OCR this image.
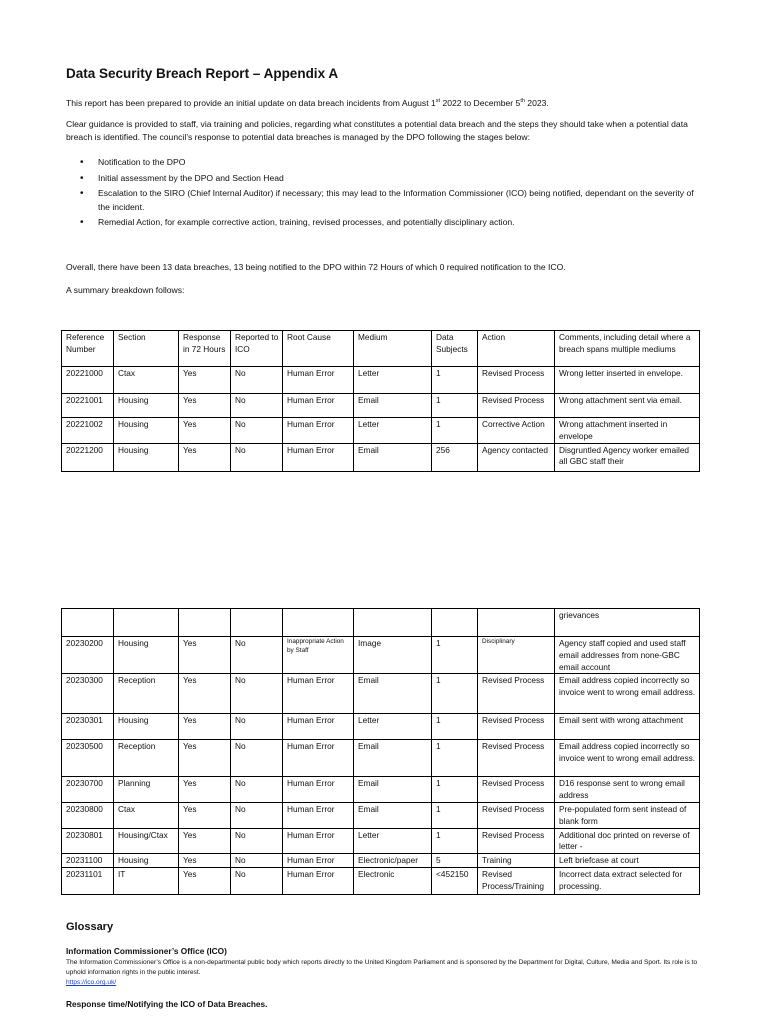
Data Security Breach Report – Appendix A

This report has been prepared to provide an initial update on data breach incidents from August 1st 2022 to December 5th 2023.

Clear guidance is provided to staff, via training and policies, regarding what constitutes a potential data breach and the steps they should take when a potential data breach is identified. The council’s response to potential data breaches is managed by the DPO following the stages below:

• Notification to the DPO
• Initial assessment by the DPO and Section Head
• Escalation to the SIRO (Chief Internal Auditor) if necessary; this may lead to the Information Commissioner (ICO) being notified, dependant on the severity of the incident.
• Remedial Action, for example corrective action, training, revised processes, and potentially disciplinary action.

Overall, there have been 13 data breaches, 13 being notified to the DPO within 72 Hours of which 0 required notification to the ICO.

A summary breakdown follows:

Reference Number	Section	Response in 72 Hours	Reported to ICO	Root Cause	Medium	Data Subjects	Action	Comments, including detail where a breach spans multiple mediums
20221000	Ctax	Yes	No	Human Error	Letter	1	Revised Process	Wrong letter inserted in envelope.
20221001	Housing	Yes	No	Human Error	Email	1	Revised Process	Wrong attachment sent via email.
20221002	Housing	Yes	No	Human Error	Letter	1	Corrective Action	Wrong attachment inserted in envelope
20221200	Housing	Yes	No	Human Error	Email	256	Agency contacted	Disgruntled Agency worker emailed all GBC staff their
								grievances
20230200	Housing	Yes	No	Inappropriate Action by Staff	Image	1	Disciplinary	Agency staff copied and used staff email addresses from none-GBC email account
20230300	Reception	Yes	No	Human Error	Email	1	Revised Process	Email address copied incorrectly so invoice went to wrong email address.
20230301	Housing	Yes	No	Human Error	Letter	1	Revised Process	Email sent with wrong attachment
20230500	Reception	Yes	No	Human Error	Email	1	Revised Process	Email address copied incorrectly so invoice went to wrong email address.
20230700	Planning	Yes	No	Human Error	Email	1	Revised Process	D16 response sent to wrong email address
20230800	Ctax	Yes	No	Human Error	Email	1	Revised Process	Pre-populated form sent instead of blank form
20230801	Housing/Ctax	Yes	No	Human Error	Letter	1	Revised Process	Additional doc printed on reverse of letter -
20231100	Housing	Yes	No	Human Error	Electronic/paper	5	Training	Left briefcase at court
20231101	IT	Yes	No	Human Error	Electronic	<452150	Revised Process/Training	Incorrect data extract selected for processing.
Glossary
Information Commissioner’s Office (ICO)

The Information Commissioner’s Office is a non-departmental public body which reports directly to the United Kingdom Parliament and is sponsored by the Department for Digital, Culture, Media and Sport. Its role is to uphold information rights in the public interest.

https://ico.org.uk/
Response time/Notifying the ICO of Data Breaches.
